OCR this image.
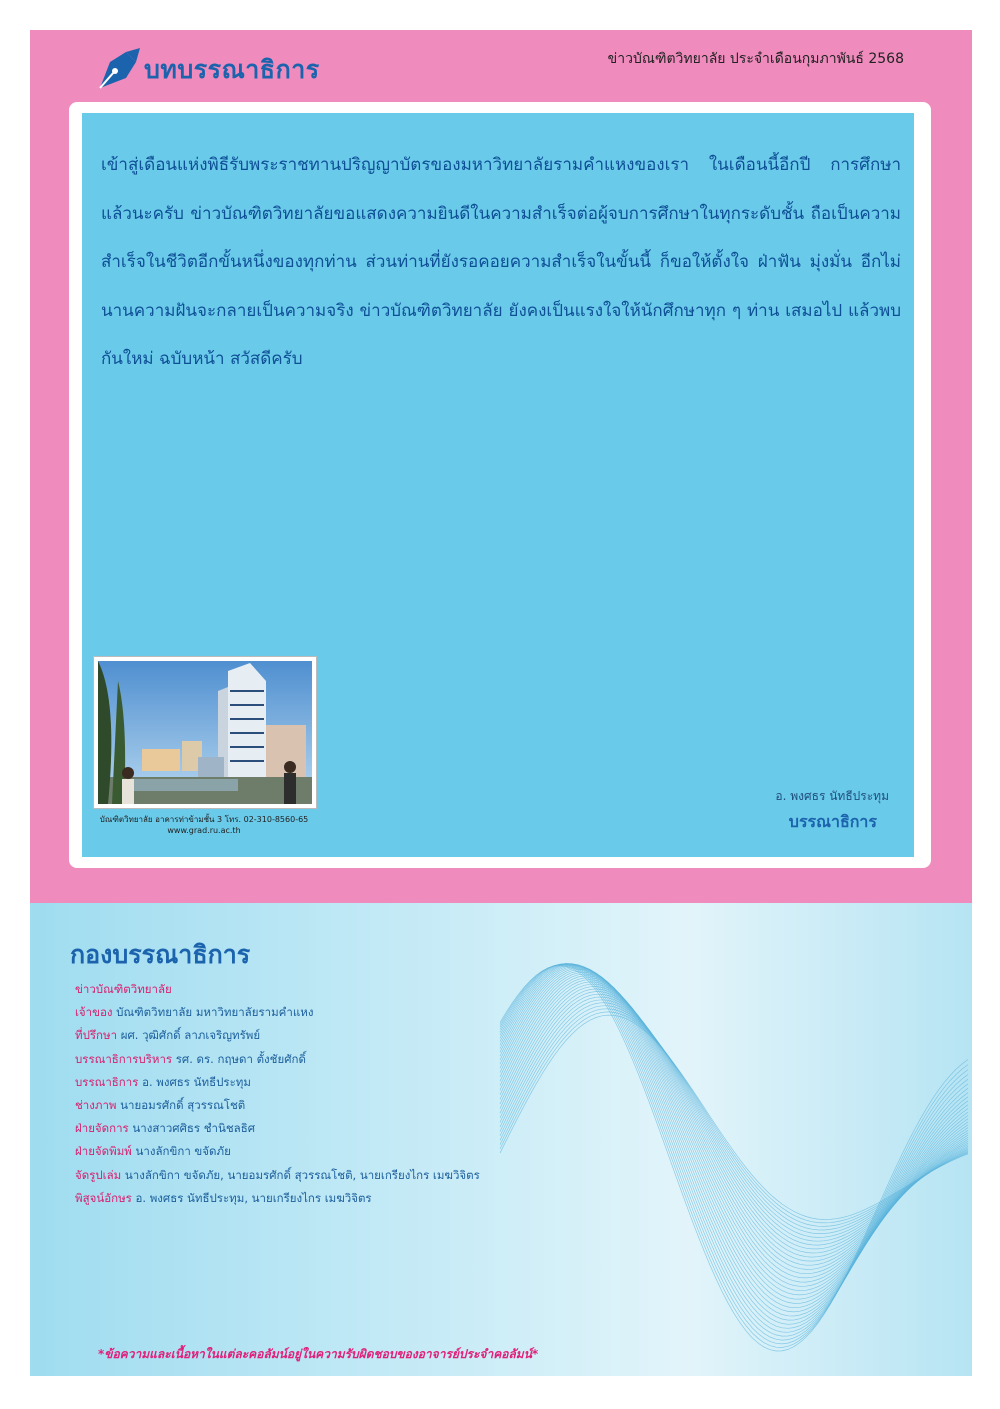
บทบรรณาธิการ	ข่าวบัณฑิตวิทยาลัย ประจำเดือนกุมภาพันธ์ 2568

เข้าสู่เดือนแห่งพิธีรับพระราชทานปริญญาบัตรของมหาวิทยาลัยรามคำแหงของเรา ในเดือนนี้อีกปี การศึกษาแล้วนะครับ ข่าวบัณฑิตวิทยาลัยขอแสดงความยินดีในความสำเร็จต่อผู้จบการศึกษาในทุกระดับชั้น ถือเป็นความสำเร็จในชีวิตอีกขั้นหนึ่งของทุกท่าน ส่วนท่านที่ยังรอคอยความสำเร็จในขั้นนี้ ก็ขอให้ตั้งใจ ฝ่าฟัน มุ่งมั่น อีกไม่นานความฝันจะกลายเป็นความจริง ข่าวบัณฑิตวิทยาลัย ยังคงเป็นแรงใจให้นักศึกษาทุก ๆ ท่าน เสมอไป แล้วพบกันใหม่ ฉบับหน้า สวัสดีครับ

บัณฑิตวิทยาลัย อาคารท่าข้ามชั้น 3 โทร. 02-310-8560-65
www.grad.ru.ac.th
อ. พงศธร นัทธีประทุม
บรรณาธิการ
กองบรรณาธิการ
ข่าวบัณฑิตวิทยาลัย
เจ้าของ บัณฑิตวิทยาลัย มหาวิทยาลัยรามคำแหง
ที่ปรึกษา ผศ. วุฒิศักดิ์ ลาภเจริญทรัพย์
บรรณาธิการบริหาร รศ. ดร. กฤษดา ตั้งชัยศักดิ์
บรรณาธิการ อ. พงศธร นัทธีประทุม
ช่างภาพ นายอมรศักดิ์ สุวรรณโชติ
ฝ่ายจัดการ นางสาวศศิธร ชำนิชลธิศ
ฝ่ายจัดพิมพ์ นางลักขิกา ขจัดภัย
จัดรูปเล่ม นางลักขิกา ขจัดภัย, นายอมรศักดิ์ สุวรรณโชติ, นายเกรียงไกร เมฆวิจิตร
พิสูจน์อักษร อ. พงศธร นัทธีประทุม, นายเกรียงไกร เมฆวิจิตร
*ข้อความและเนื้อหาในแต่ละคอลัมน์อยู่ในความรับผิดชอบของอาจารย์ประจำคอลัมน์*
